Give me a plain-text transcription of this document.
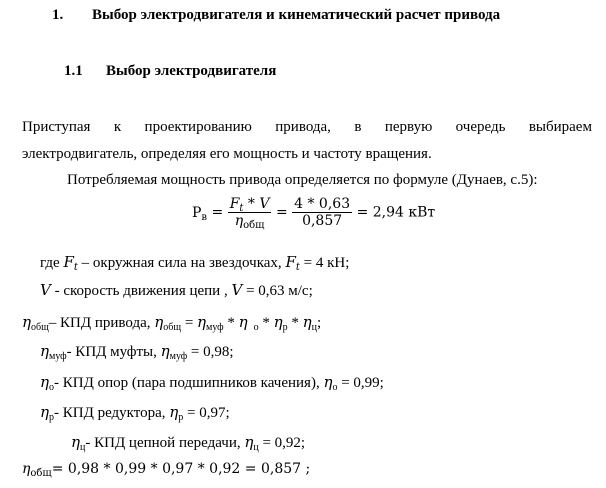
1. Выбор электродвигателя и кинематический расчет привода
1.1 Выбор электродвигателя
Приступая к проектированию привода, в первую очередь выбираем
электродвигатель, определяя его мощность и частоту вращения.
Потребляемая мощность привода определяется по формуле (Дунаев, с.5):
$P_в = \frac{F_t * V}{\eta_{общ}} = \frac{4 * 0,63}{0,857} = 2,94$ кВт
где $F_t$ – окружная сила на звездочках, $F_t = 4$ кН;
V - скорость движения цепи , V = 0,63 м/с;
$\eta_{общ}-$ КПД привода, $\eta_{общ} = \eta_{муф} * \eta$ $_о * \eta_р * \eta_ц$;
$\eta_{муф}-$ КПД муфты, $\eta_{муф} = 0,98$;
$\eta_о-$ КПД опор (пара подшипников качения), $\eta_о = 0,99$;
$\eta_р-$ КПД редуктора, $\eta_р = 0,97$;
$\eta_ц-$ КПД цепной передачи, $\eta_ц = 0,92$;
$\eta_{общ}= 0,98 * 0,99 * 0,97 * 0,92 = 0,857$ ;
